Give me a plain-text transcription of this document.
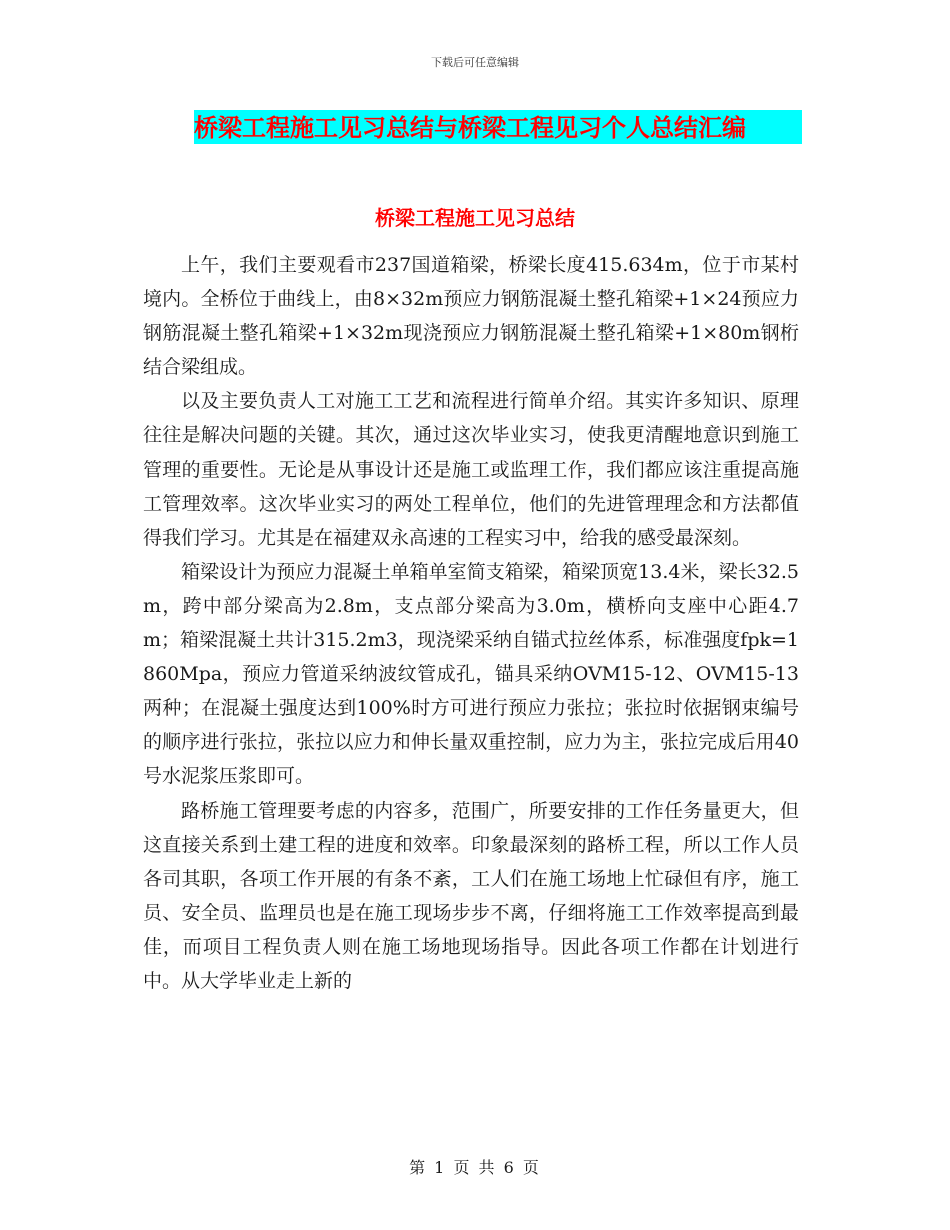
下载后可任意编辑
桥梁工程施工见习总结与桥梁工程见习个人总结汇编
桥梁工程施工见习总结

上午，我们主要观看市237国道箱梁，桥梁长度415.634m，位于市某村境内。全桥位于曲线上，由8×32m预应力钢筋混凝土整孔箱梁+1×24预应力钢筋混凝土整孔箱梁+1×32m现浇预应力钢筋混凝土整孔箱梁+1×80m钢桁结合梁组成。

以及主要负责人工对施工工艺和流程进行简单介绍。其实许多知识、原理往往是解决问题的关键。其次，通过这次毕业实习，使我更清醒地意识到施工管理的重要性。无论是从事设计还是施工或监理工作，我们都应该注重提高施工管理效率。这次毕业实习的两处工程单位，他们的先进管理理念和方法都值得我们学习。尤其是在福建双永高速的工程实习中，给我的感受最深刻。

箱梁设计为预应力混凝土单箱单室简支箱梁，箱梁顶宽13.4米，梁长32.5m，跨中部分梁高为2.8m，支点部分梁高为3.0m，横桥向支座中心距4.7m；箱梁混凝土共计315.2m3，现浇梁采纳自锚式拉丝体系，标准强度fpk=1860Mpa，预应力管道采纳波纹管成孔，锚具采纳OVM15-12、OVM15-13两种；在混凝土强度达到100%时方可进行预应力张拉；张拉时依据钢束编号的顺序进行张拉，张拉以应力和伸长量双重控制，应力为主，张拉完成后用40号水泥浆压浆即可。

路桥施工管理要考虑的内容多，范围广，所要安排的工作任务量更大，但这直接关系到土建工程的进度和效率。印象最深刻的路桥工程，所以工作人员各司其职，各项工作开展的有条不紊，工人们在施工场地上忙碌但有序，施工员、安全员、监理员也是在施工现场步步不离，仔细将施工工作效率提高到最佳，而项目工程负责人则在施工场地现场指导。因此各项工作都在计划进行中。从大学毕业走上新的

第 1 页 共 6 页
